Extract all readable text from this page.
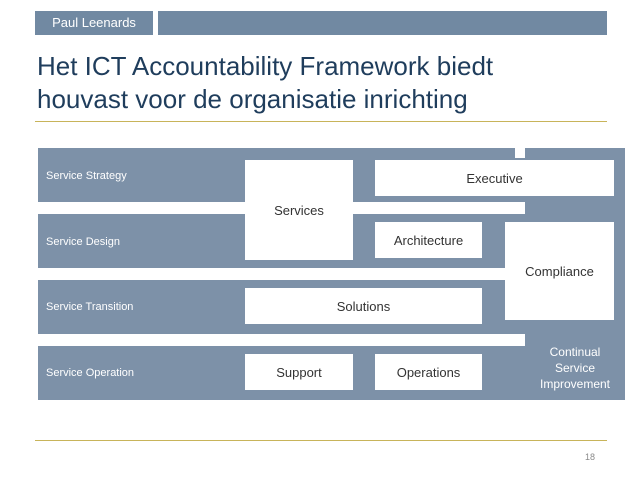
Paul Leenards
Het ICT Accountability Framework biedt
houvast voor de organisatie inrichting
Service Strategy
Service Design
Service Transition
Service Operation
Services
Executive
Architecture
Compliance
Solutions
Support	Operations
Continual
Service
Improvement
18
